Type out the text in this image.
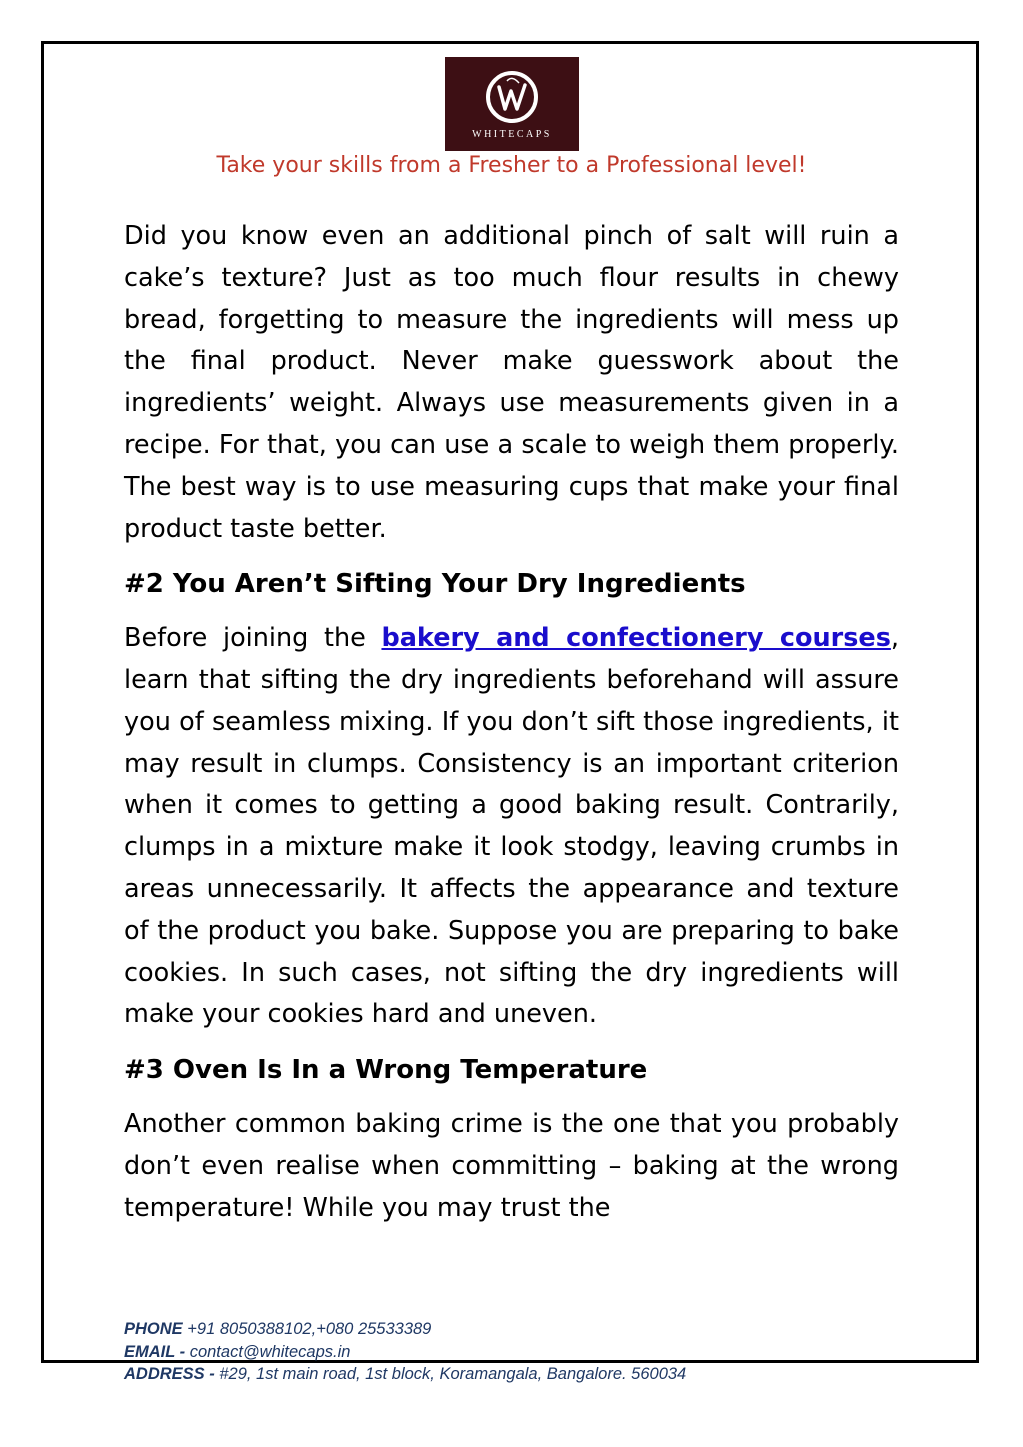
WHITECAPS
Take your skills from a Fresher to a Professional level!

Did you know even an additional pinch of salt will ruin a cake’s texture? Just as too much flour results in chewy bread, forgetting to measure the ingredients will mess up the final product. Never make guesswork about the ingredients’ weight. Always use measurements given in a recipe. For that, you can use a scale to weigh them properly. The best way is to use measuring cups that make your final product taste better.

#2 You Aren’t Sifting Your Dry Ingredients

Before joining the bakery and confectionery courses, learn that sifting the dry ingredients beforehand will assure you of seamless mixing. If you don’t sift those ingredients, it may result in clumps. Consistency is an important criterion when it comes to getting a good baking result. Contrarily, clumps in a mixture make it look stodgy, leaving crumbs in areas unnecessarily. It affects the appearance and texture of the product you bake. Suppose you are preparing to bake cookies. In such cases, not sifting the dry ingredients will make your cookies hard and uneven.

#3 Oven Is In a Wrong Temperature

Another common baking crime is the one that you probably don’t even realise when committing – baking at the wrong temperature! While you may trust the

PHONE +91 8050388102,+080 25533389
EMAIL - contact@whitecaps.in
ADDRESS - #29, 1st main road, 1st block, Koramangala, Bangalore. 560034
